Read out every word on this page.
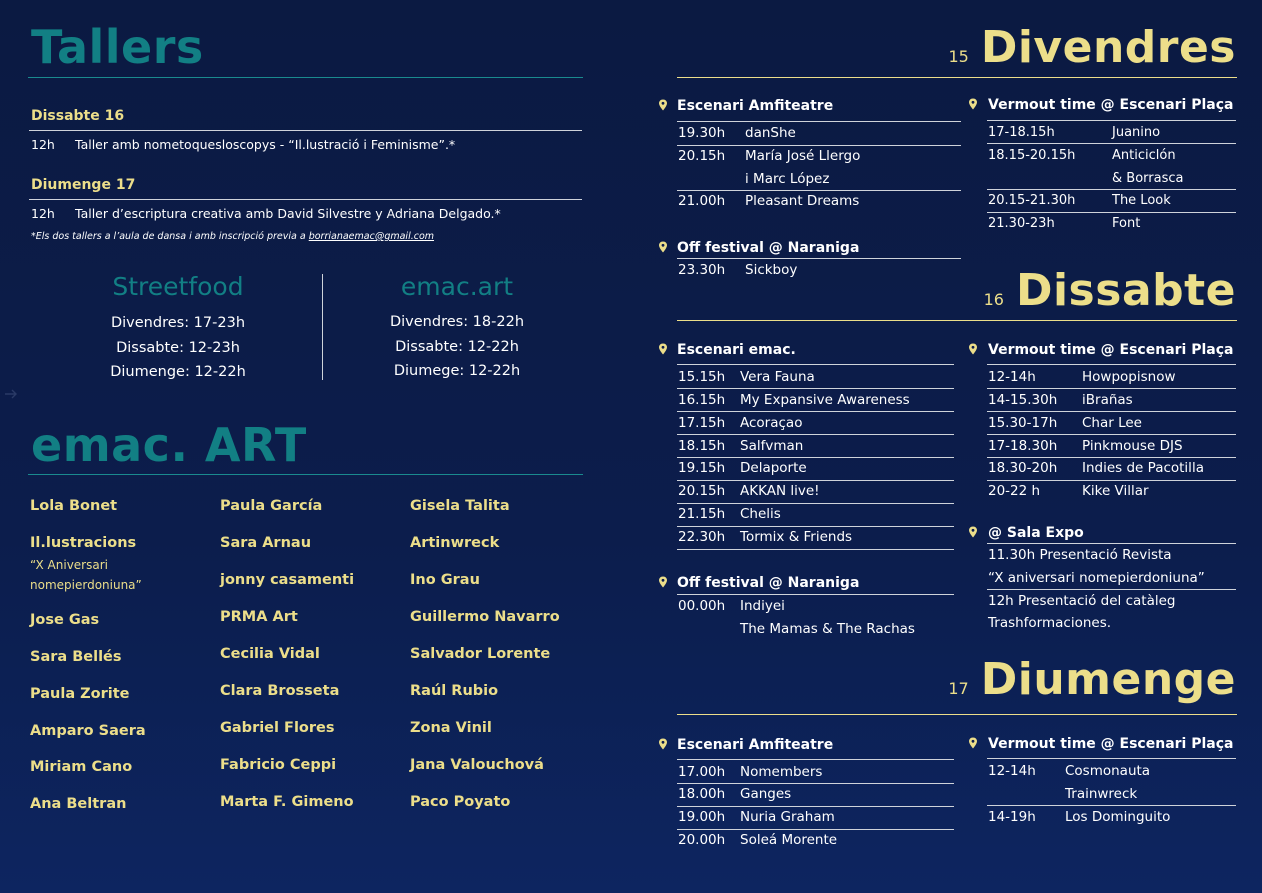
Tallers
Dissabte 16
12h Taller amb nometoquesloscopys - “Il.lustració i Feminisme”.*
Diumenge 17
12h Taller d’escriptura creativa amb David Silvestre y Adriana Delgado.*
*Els dos tallers a l’aula de dansa i amb inscripció previa a borrianaemac@gmail.com
Streetfood
Divendres: 17-23h
Dissabte: 12-23h
Diumenge: 12-22h
emac.art
Divendres: 18-22h
Dissabte: 12-22h
Diumege: 12-22h
emac. ART
Lola Bonet
Il.lustracions
“X Aniversari
nomepierdoniuna”
Jose Gas
Sara Bellés
Paula Zorite
Amparo Saera
Miriam Cano
Ana Beltran
Paula García
Sara Arnau
jonny casamenti
PRMA Art
Cecilia Vidal
Clara Brosseta
Gabriel Flores
Fabricio Ceppi
Marta F. Gimeno
Gisela Talita
Artinwreck
Ino Grau
Guillermo Navarro
Salvador Lorente
Raúl Rubio
Zona Vinil
Jana Valouchová
Paco Poyato
15 Divendres
Escenari Amfiteatre
19.30h danShe
20.15h María José Llergo
i Marc López
21.00h Pleasant Dreams
Off festival @ Naraniga
23.30h Sickboy
Vermout time @ Escenari Plaça
17-18.15h	Juanino
18.15-20.15h	Anticiclón
& Borrasca
20.15-21.30h	The Look
21.30-23h	Font
16 Dissabte
Escenari emac.
15.15h Vera Fauna
16.15h My Expansive Awareness
17.15h Acoraçao
18.15h Salfvman
19.15h Delaporte
20.15h AKKAN live!
21.15h Chelis
22.30h Tormix & Friends
Off festival @ Naraniga
00.00h Indiyei
The Mamas & The Rachas
Vermout time @ Escenari Plaça
12-14h	Howpopisnow
14-15.30h iBrañas
15.30-17h Char Lee
17-18.30h Pinkmouse DJS
18.30-20h Indies de Pacotilla
20-22 h	Kike Villar
@ Sala Expo
11.30h Presentació Revista
“X aniversari nomepierdoniuna”
12h Presentació del catàleg
Trashformaciones.
17 Diumenge
Escenari Amfiteatre
17.00h Nomembers
18.00h Ganges
19.00h Nuria Graham
20.00h Soleá Morente
Vermout time @ Escenari Plaça
12-14h Cosmonauta
Trainwreck
14-19h Los Dominguito
